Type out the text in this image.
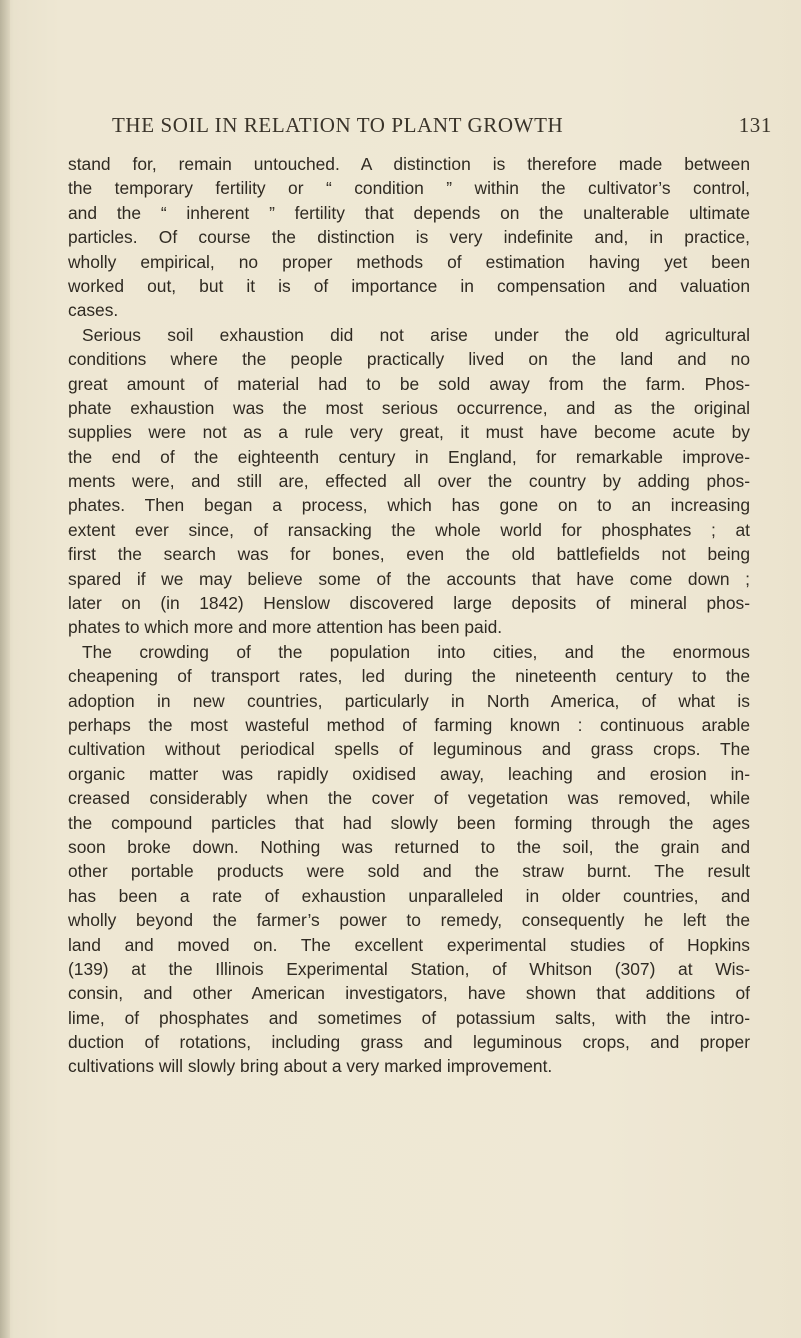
THE SOIL IN RELATION TO PLANT GROWTH	131
stand for, remain untouched. A distinction is therefore made between
the temporary fertility or “ condition ” within the cultivator’s control,
and the “ inherent ” fertility that depends on the unalterable ultimate
particles. Of course the distinction is very indefinite and, in practice,
wholly empirical, no proper methods of estimation having yet been
worked out, but it is of importance in compensation and valuation
cases.
Serious soil exhaustion did not arise under the old agricultural
conditions where the people practically lived on the land and no
great amount of material had to be sold away from the farm. Phos-
phate exhaustion was the most serious occurrence, and as the original
supplies were not as a rule very great, it must have become acute by
the end of the eighteenth century in England, for remarkable improve-
ments were, and still are, effected all over the country by adding phos-
phates. Then began a process, which has gone on to an increasing
extent ever since, of ransacking the whole world for phosphates ; at
first the search was for bones, even the old battlefields not being
spared if we may believe some of the accounts that have come down ;
later on (in 1842) Henslow discovered large deposits of mineral phos-
phates to which more and more attention has been paid.
The crowding of the population into cities, and the enormous
cheapening of transport rates, led during the nineteenth century to the
adoption in new countries, particularly in North America, of what is
perhaps the most wasteful method of farming known : continuous arable
cultivation without periodical spells of leguminous and grass crops. The
organic matter was rapidly oxidised away, leaching and erosion in-
creased considerably when the cover of vegetation was removed, while
the compound particles that had slowly been forming through the ages
soon broke down. Nothing was returned to the soil, the grain and
other portable products were sold and the straw burnt. The result
has been a rate of exhaustion unparalleled in older countries, and
wholly beyond the farmer’s power to remedy, consequently he left the
land and moved on. The excellent experimental studies of Hopkins
(139) at the Illinois Experimental Station, of Whitson (307) at Wis-
consin, and other American investigators, have shown that additions of
lime, of phosphates and sometimes of potassium salts, with the intro-
duction of rotations, including grass and leguminous crops, and proper
cultivations will slowly bring about a very marked improvement.
